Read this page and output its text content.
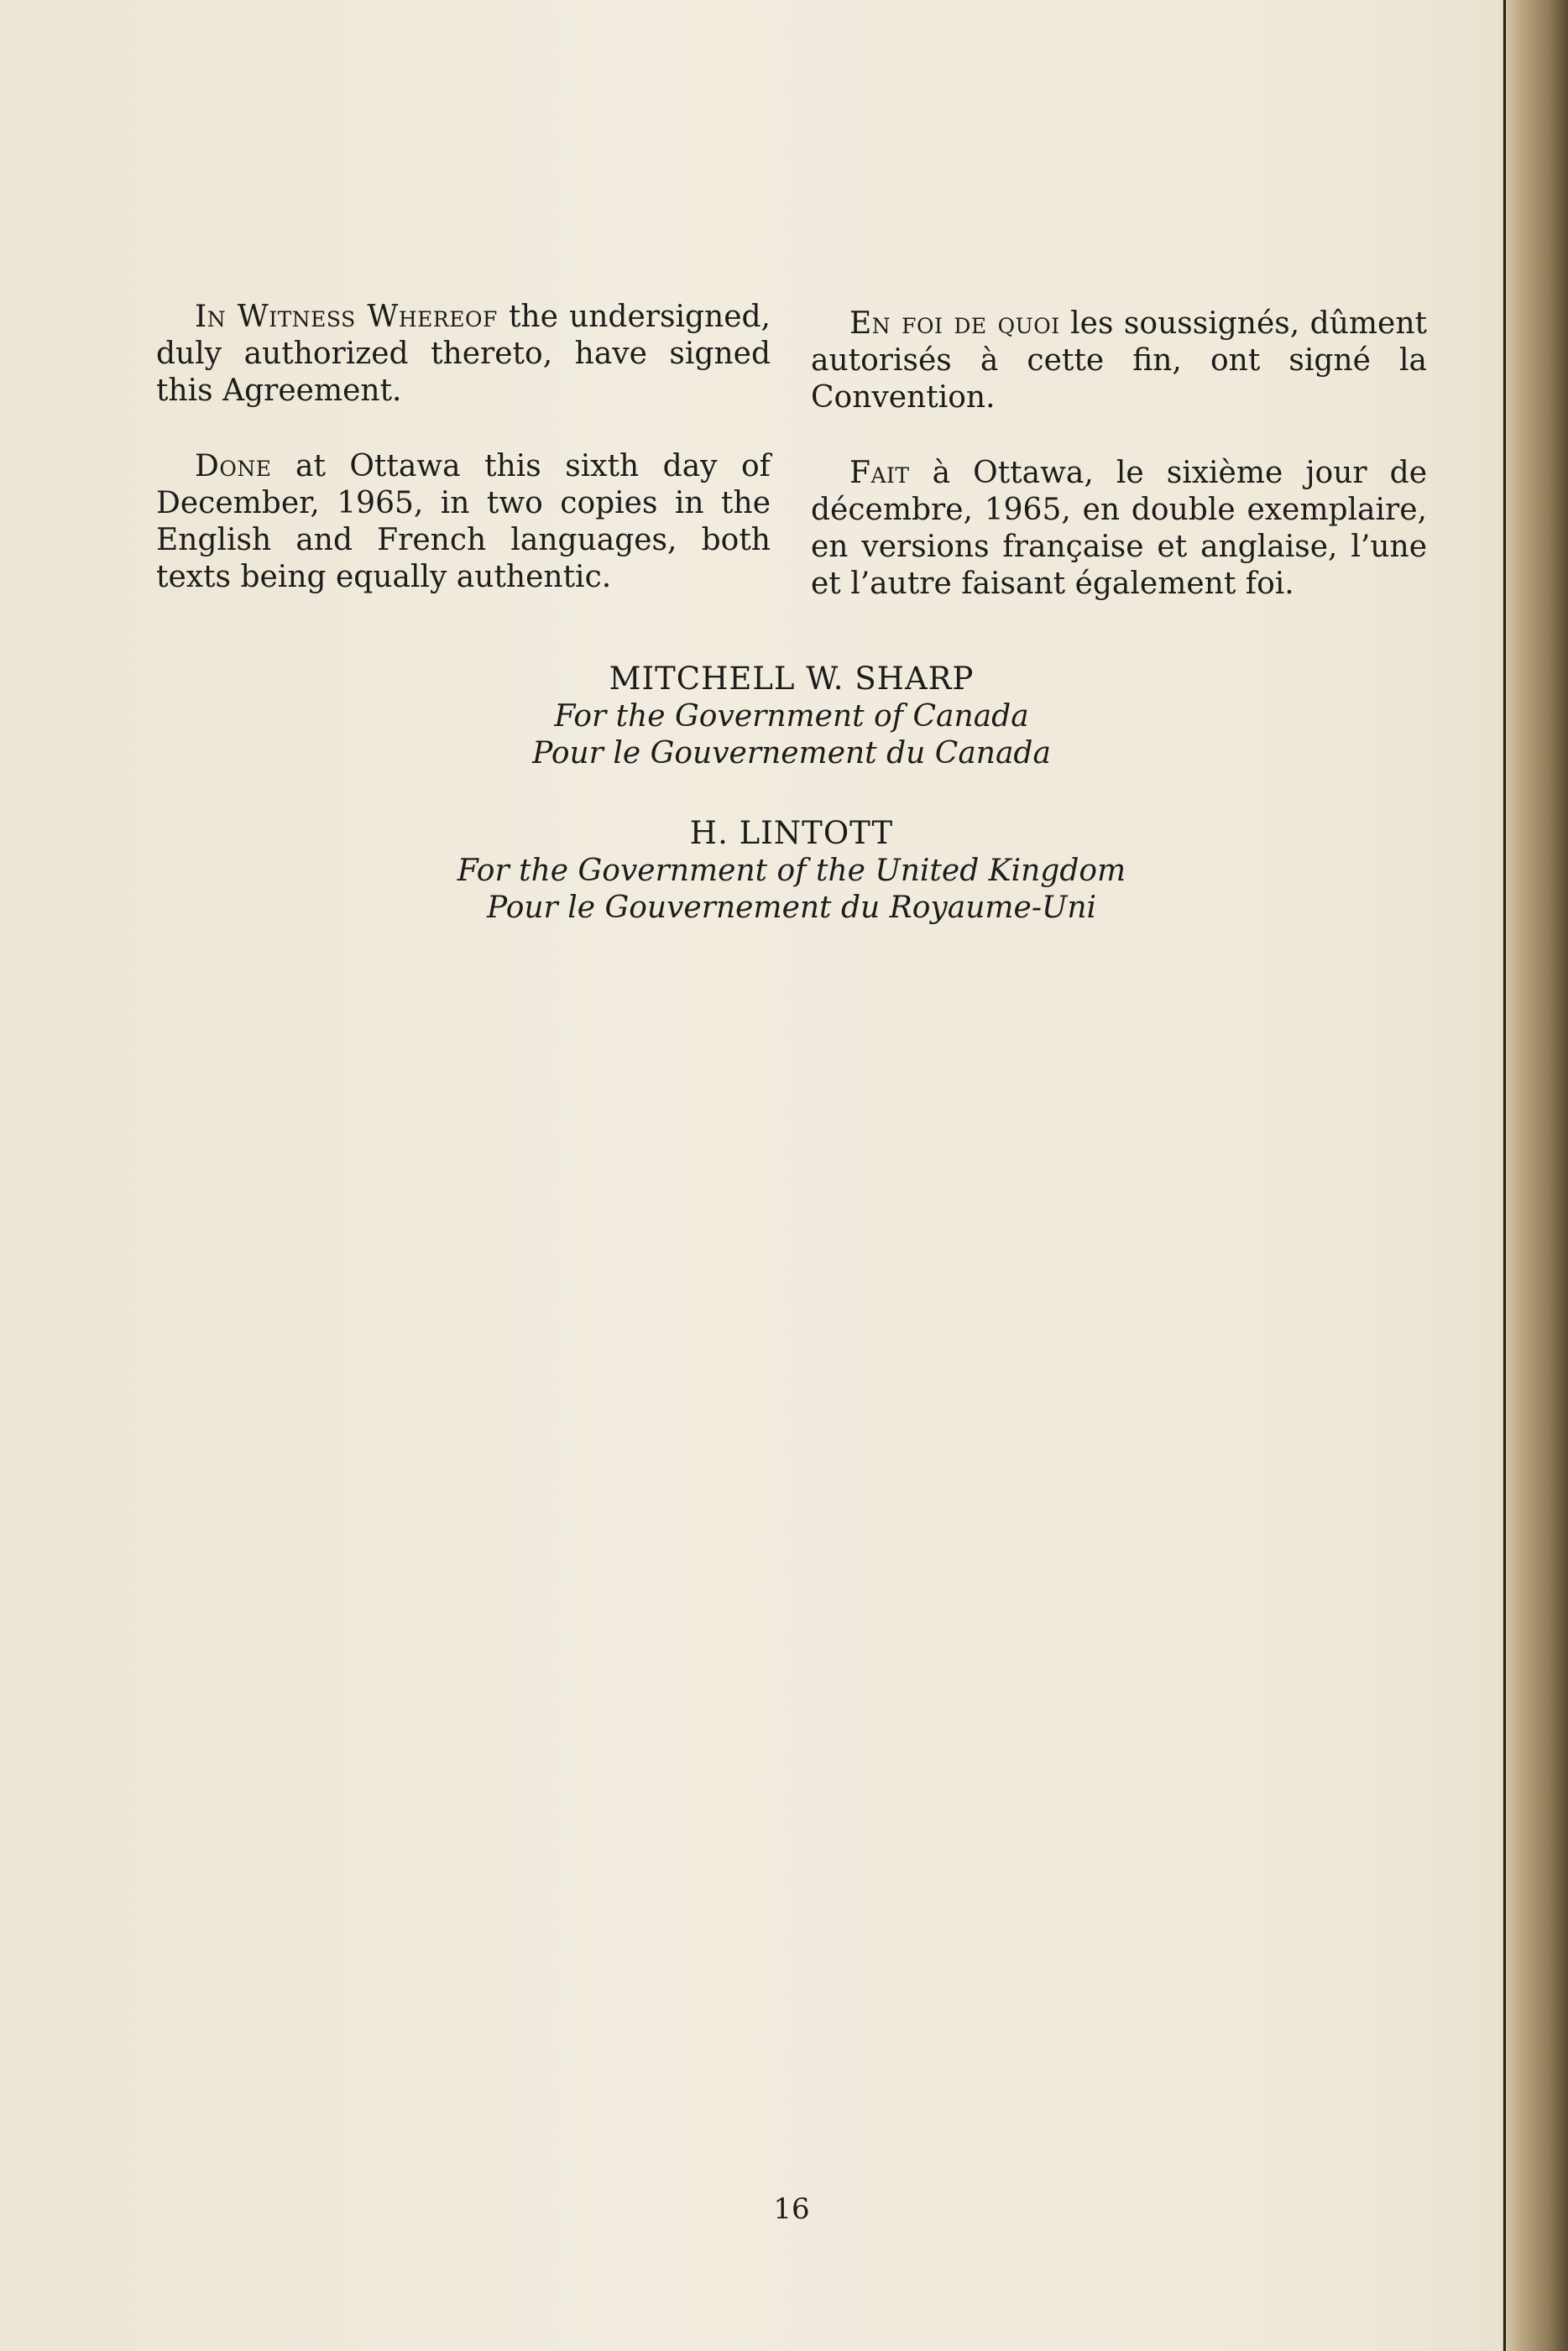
In Witness Whereof the undersigned, duly authorized thereto, have signed this Agreement.

Done at Ottawa this sixth day of December, 1965, in two copies in the English and French languages, both texts being equally authentic.

En foi de quoi les soussignés, dûment autorisés à cette fin, ont signé la Convention.

Fait à Ottawa, le sixième jour de décembre, 1965, en double exemplaire, en versions française et anglaise, l’une et l’autre faisant également foi.

MITCHELL W. SHARP
For the Government of Canada
Pour le Gouvernement du Canada
H. LINTOTT
For the Government of the United Kingdom
Pour le Gouvernement du Royaume-Uni
16
